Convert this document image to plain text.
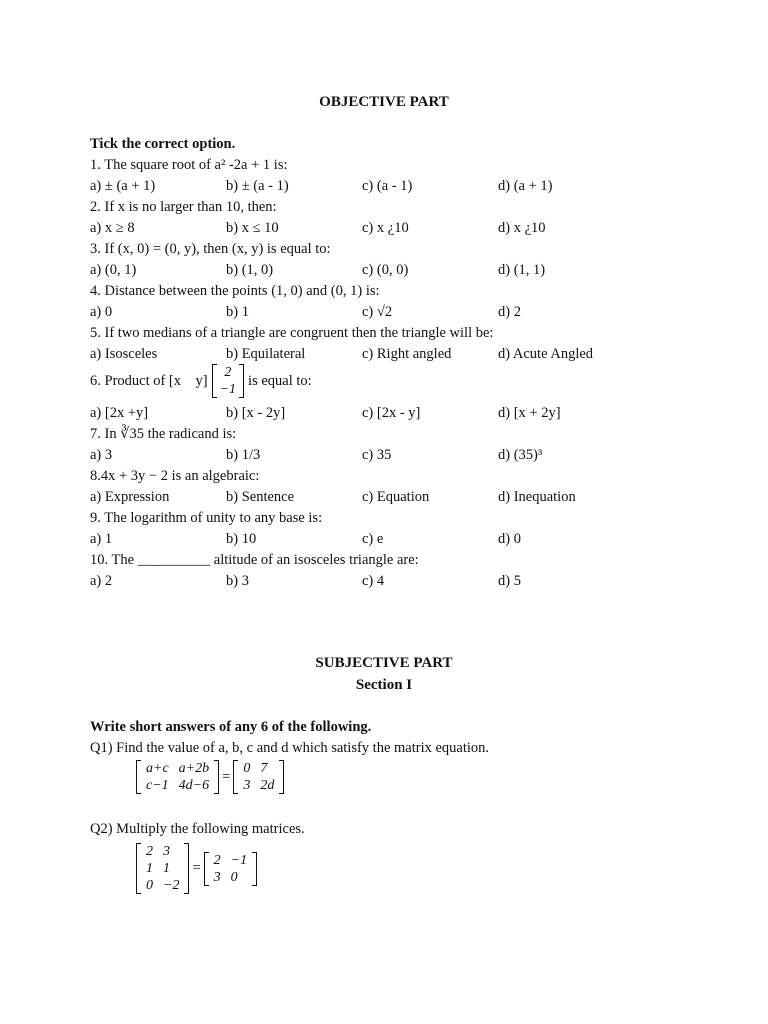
OBJECTIVE PART
Tick the correct option.
1. The square root of a² -2a + 1 is:
a) ± (a + 1)	b) ± (a - 1)	c) (a - 1)	d) (a + 1)
2. If x is no larger than 10, then:
a) x ≥ 8	b) x ≤ 10	c) x ¿10	d) x ¿10
3. If (x, 0) = (0, y), then (x, y) is equal to:
a) (0, 1)	b) (1, 0)	c) (0, 0)	d) (1, 1)
4. Distance between the points (1, 0) and (0, 1) is:
a) 0	b) 1	c) √2	d) 2
5. If two medians of a triangle are congruent then the triangle will be:
a) Isosceles	b) Equilateral	c) Right angled	d) Acute Angled
6. Product of [x    y] 2
−1
is equal to:
a) [2x +y]	b) [x - 2y]	c) [2x - y]	d) [x + 2y]
7. In ∛35 the radicand is:
a) 3	b) 1/3	c) 35	d) (35)³
8.4x + 3y − 2 is an algebraic:
a) Expression	b) Sentence	c) Equation	d) Inequation
9. The logarithm of unity to any base is:
a) 1	b) 10	c) e	d) 0
10. The __________ altitude of an isosceles triangle are:
a) 2	b) 3	c) 4	d) 5
SUBJECTIVE PART
Section I
Write short answers of any 6 of the following.
Q1) Find the value of a, b, c and d which satisfy the matrix equation.
a+c	a+2b
c−1	4d−6
= 0	7
3	2d
Q2) Multiply the following matrices.
2	3
1	1
0	−2
= 2	−1
3	0
